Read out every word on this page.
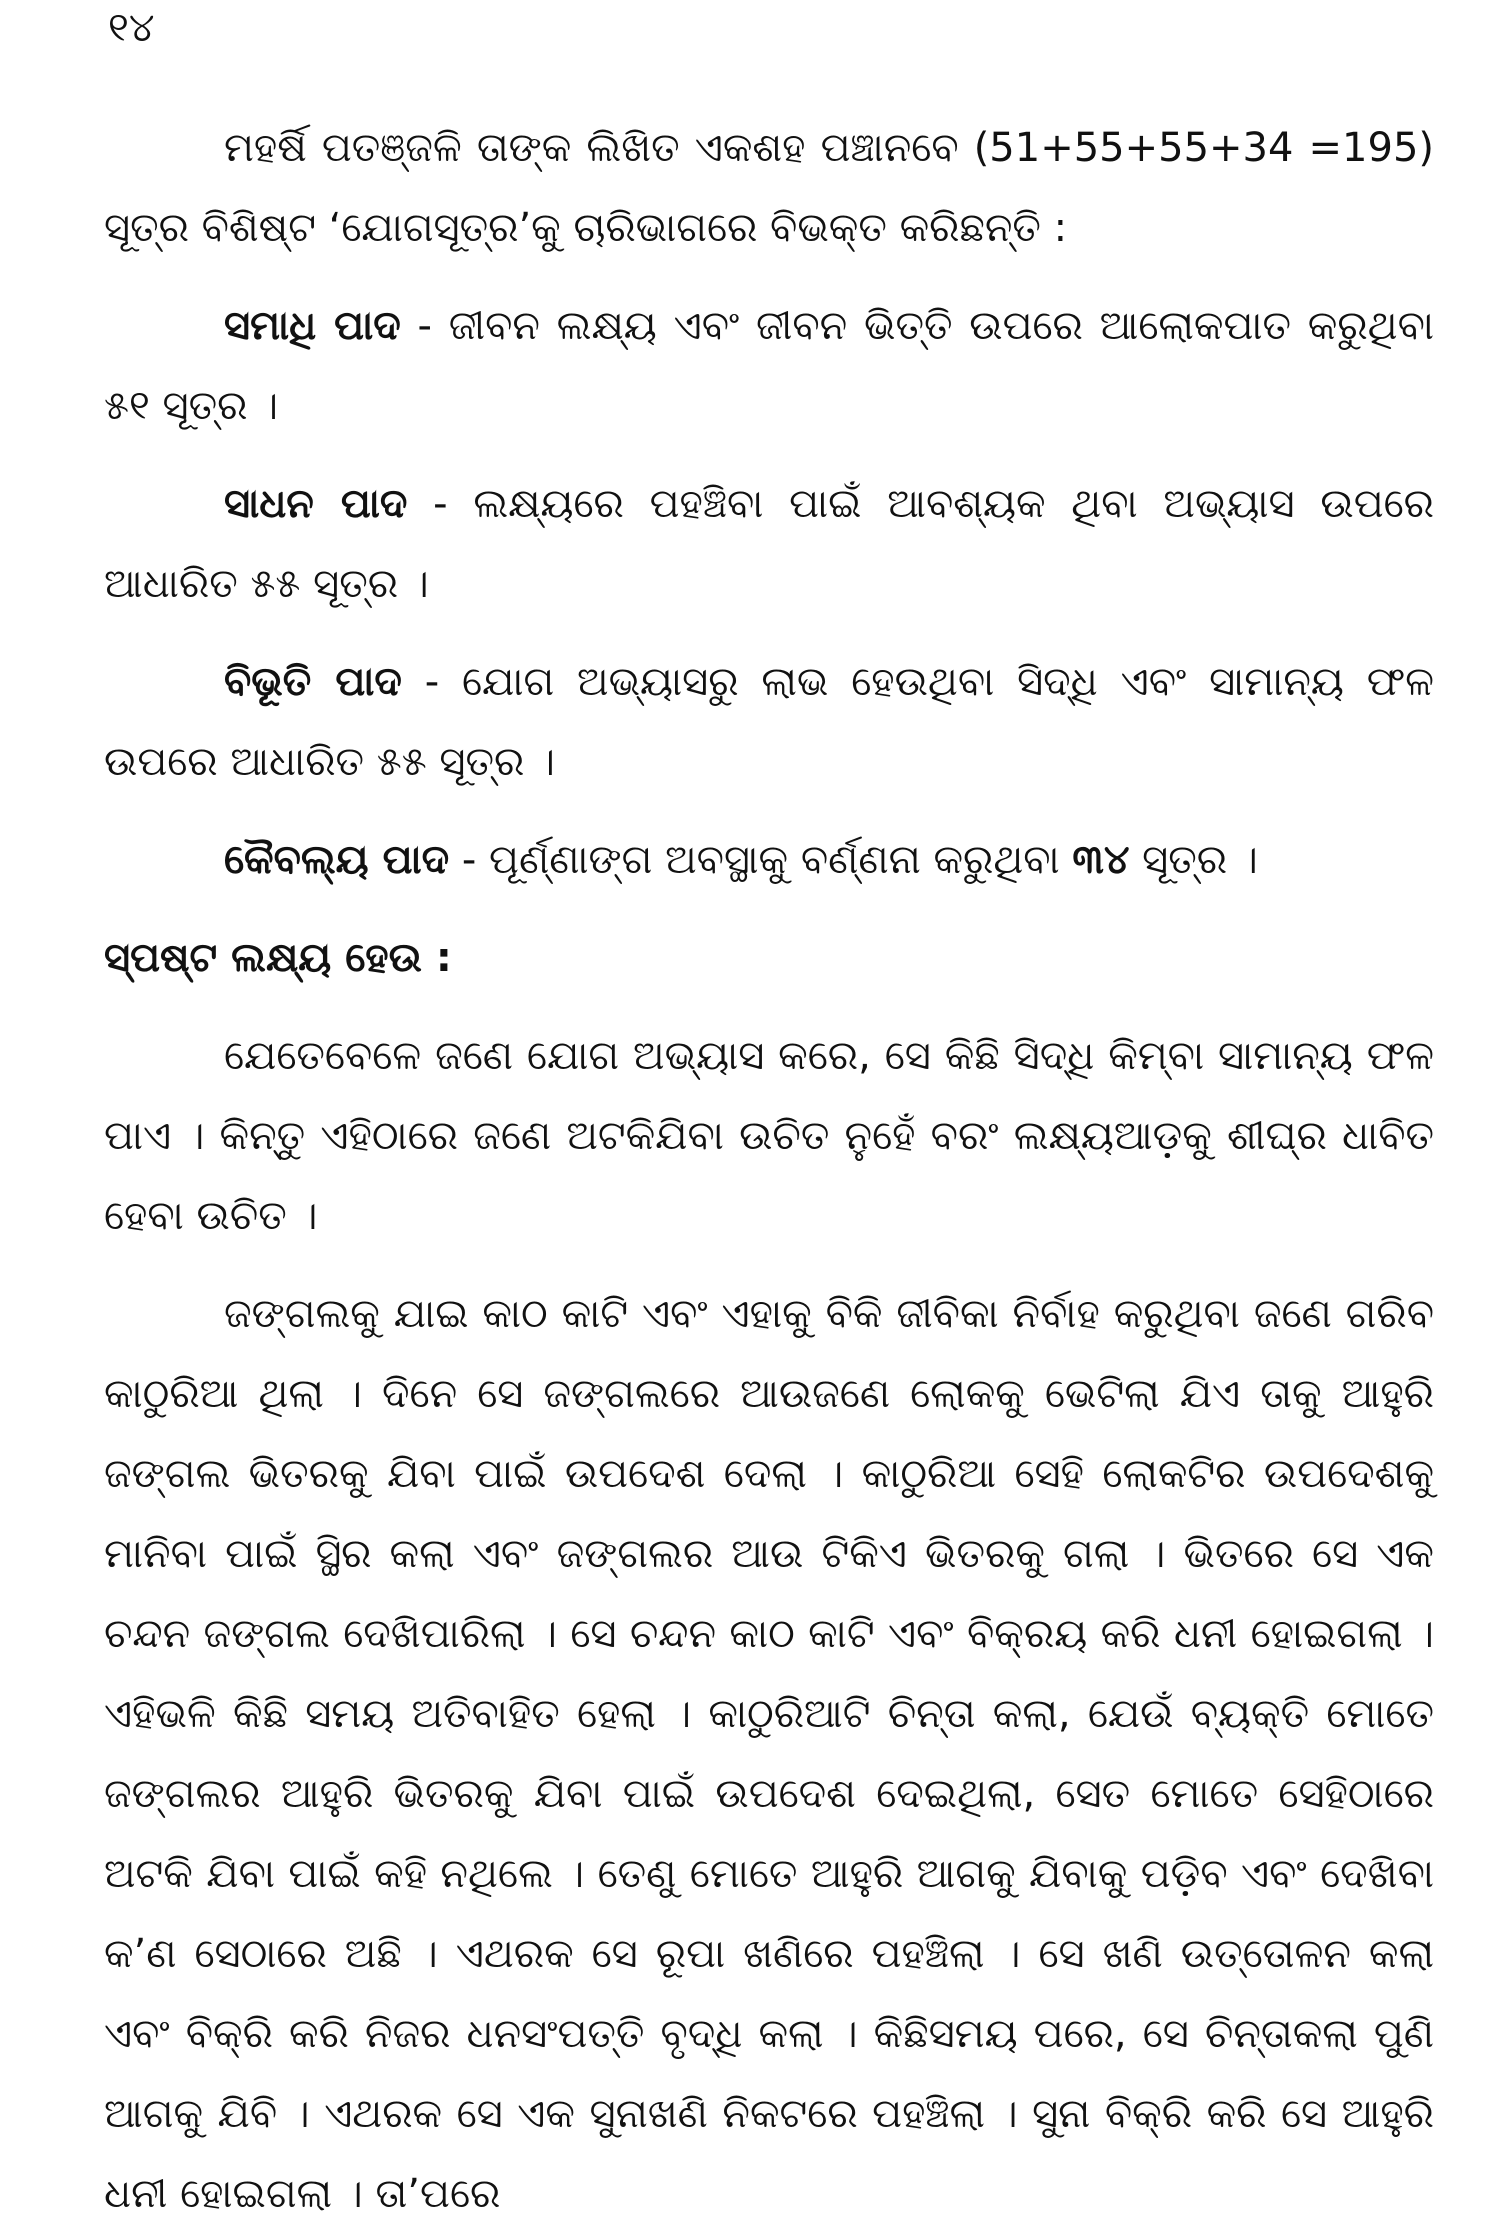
୧୪

ମହର୍ଷି ପତଞ୍ଜଳି ତାଙ୍କ ଲିଖିତ ଏକଶହ ପଞ୍ଚାନବେ (51+55+55+34 =195) ସୂତ୍ର ବିଶିଷ୍ଟ ‘ଯୋଗସୂତ୍ର’କୁ ଚାରିଭାଗରେ ବିଭକ୍ତ କରିଛନ୍ତି :

ସମାଧି ପାଦ - ଜୀବନ ଲକ୍ଷ୍ୟ ଏବଂ ଜୀବନ ଭିତ୍ତି ଉପରେ ଆଲୋକପାତ କରୁଥିବା ୫୧ ସୂତ୍ର ।

ସାଧନ ପାଦ - ଲକ୍ଷ୍ୟରେ ପହଞ୍ଚିବା ପାଇଁ ଆବଶ୍ୟକ ଥିବା ଅଭ୍ୟାସ ଉପରେ ଆଧାରିତ ୫୫ ସୂତ୍ର ।

ବିଭୂତି ପାଦ - ଯୋଗ ଅଭ୍ୟାସରୁ ଲାଭ ହେଉଥିବା ସିଦ୍ଧି ଏବଂ ସାମାନ୍ୟ ଫଳ ଉପରେ ଆଧାରିତ ୫୫ ସୂତ୍ର ।

କୈବଲ୍ୟ ପାଦ - ପୂର୍ଣ୍ଣାଙ୍ଗ ଅବସ୍ଥାକୁ ବର୍ଣ୍ଣନା କରୁଥିବା ୩୪ ସୂତ୍ର ।

ସ୍ପଷ୍ଟ ଲକ୍ଷ୍ୟ ହେଉ :

ଯେତେବେଳେ ଜଣେ ଯୋଗ ଅଭ୍ୟାସ କରେ, ସେ କିଛି ସିଦ୍ଧି କିମ୍ବା ସାମାନ୍ୟ ଫଳ ପାଏ । କିନ୍ତୁ ଏହିଠାରେ ଜଣେ ଅଟକିଯିବା ଉଚିତ ନୁହେଁ ବରଂ ଲକ୍ଷ୍ୟଆଡ଼କୁ ଶୀଘ୍ର ଧାବିତ ହେବା ଉଚିତ ।

ଜଙ୍ଗଲକୁ ଯାଇ କାଠ କାଟି ଏବଂ ଏହାକୁ ବିକି ଜୀବିକା ନିର୍ବାହ କରୁଥିବା ଜଣେ ଗରିବ କାଠୁରିଆ ଥିଲା । ଦିନେ ସେ ଜଙ୍ଗଲରେ ଆଉଜଣେ ଲୋକକୁ ଭେଟିଲା ଯିଏ ତାକୁ ଆହୁରି ଜଙ୍ଗଲ ଭିତରକୁ ଯିବା ପାଇଁ ଉପଦେଶ ଦେଲା । କାଠୁରିଆ ସେହି ଲୋକଟିର ଉପଦେଶକୁ ମାନିବା ପାଇଁ ସ୍ଥିର କଲା ଏବଂ ଜଙ୍ଗଲର ଆଉ ଟିକିଏ ଭିତରକୁ ଗଲା । ଭିତରେ ସେ ଏକ ଚନ୍ଦନ ଜଙ୍ଗଲ ଦେଖିପାରିଲା । ସେ ଚନ୍ଦନ କାଠ କାଟି ଏବଂ ବିକ୍ରୟ କରି ଧନୀ ହୋଇଗଲା । ଏହିଭଳି କିଛି ସମୟ ଅତିବାହିତ ହେଲା । କାଠୁରିଆଟି ଚିନ୍ତା କଲା, ଯେଉଁ ବ୍ୟକ୍ତି ମୋତେ ଜଙ୍ଗଲର ଆହୁରି ଭିତରକୁ ଯିବା ପାଇଁ ଉପଦେଶ ଦେଇଥିଲା, ସେତ ମୋତେ ସେହିଠାରେ ଅଟକି ଯିବା ପାଇଁ କହି ନଥିଲେ । ତେଣୁ ମୋତେ ଆହୁରି ଆଗକୁ ଯିବାକୁ ପଡ଼ିବ ଏବଂ ଦେଖିବା କ’ଣ ସେଠାରେ ଅଛି । ଏଥରକ ସେ ରୂପା ଖଣିରେ ପହଞ୍ଚିଲା । ସେ ଖଣି ଉତ୍ତୋଳନ କଲା ଏବଂ ବିକ୍ରି କରି ନିଜର ଧନସଂପତ୍ତି ବୃଦ୍ଧି କଲା । କିଛିସମୟ ପରେ, ସେ ଚିନ୍ତାକଲା ପୁଣି ଆଗକୁ ଯିବି । ଏଥରକ ସେ ଏକ ସୁନାଖଣି ନିକଟରେ ପହଞ୍ଚିଲା । ସୁନା ବିକ୍ରି କରି ସେ ଆହୁରି ଧନୀ ହୋଇଗଲା । ତା’ପରେ
